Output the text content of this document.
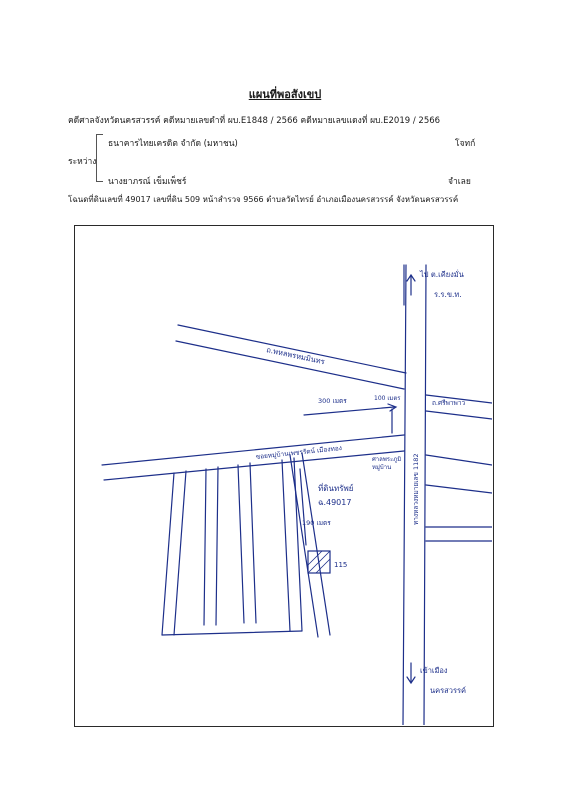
แผนที่พอสังเขป
คดีศาลจังหวัดนครสวรรค์ คดีหมายเลขดำที่ ผบ.E1848 / 2566 คดีหมายเลขแดงที่ ผบ.E2019 / 2566
ระหว่าง
ธนาคารไทยเครดิต จำกัด (มหาชน)	โจทก์
นางยาภรณ์ เข็มเพ็ชร์	จำเลย
โฉนดที่ดินเลขที่ 49017 เลขที่ดิน 509 หน้าสำรวจ 9566 ตำบลวัดไทรย์ อำเภอเมืองนครสวรรค์ จังหวัดนครสวรรค์
ไป ต.เคียงมั่น
ร.ร.ข.ท.
ถ.พหลพรหมมินทร
ถ.ศรีพาพาว
ทางหลวงหมายเลข 1182
ซอยหมู่บ้านเพชรรัตน์ เมืองทอง
300 เมตร	100 เมตร
ศาลพระภูมิ
หมู่บ้าน
ที่ดินทรัพย์
ฉ.49017
190 เมตร
115
เข้าเมือง
นครสวรรค์
